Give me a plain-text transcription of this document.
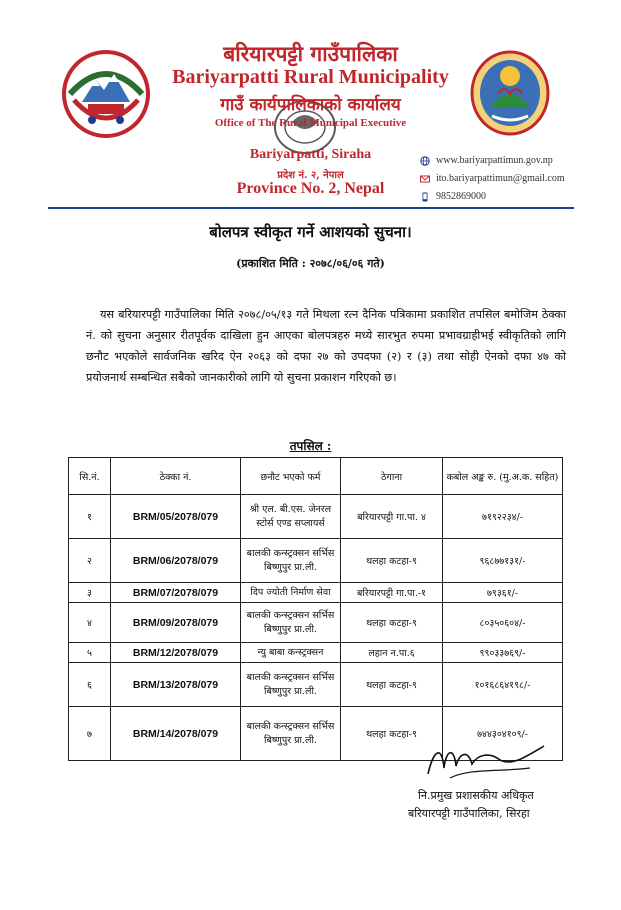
बरियारपट्टी गाउँपालिका
Bariyarpatti Rural Municipality
गाउँ कार्यपालिकाको कार्यालय
Office of The Rural Municipal Executive
Bariyarpatti, Siraha
प्रदेश नं. २, नेपाल
Province No. 2, Nepal
www.bariyarpattimun.gov.np
ito.bariyarpattimun@gmail.com
9852869000
बोलपत्र स्वीकृत गर्ने आशयको सुचना।
(प्रकाशित मिति : २०७८/०६/०६ गते)
यस बरियारपट्टी गाउँपालिका मिति २०७८/०५/१३ गते मिथला रत्न दैनिक पत्रिकामा प्रकाशित तपसिल बमोजिम ठेक्का नं. को सुचना अनुसार रीतपूर्वक दाखिला हुन आएका बोलपत्रहरु मध्ये सारभुत रुपमा प्रभावग्राहीभई स्वीकृतिको लागि छनौट भएकोले सार्वजनिक खरिद ऐन २०६३ को दफा २७ को उपदफा (२) र (३) तथा सोही ऐनको दफा ४७ को प्रयोजनार्थ सम्बन्धित सबैको जानकारीको लागि यो सुचना प्रकाशन गरिएको छ।
तपसिल :
सि.नं.	ठेक्का नं.	छनौट भएको फर्म	ठेगाना	कबोल अङ्क रु. (मु.अ.क. सहित)
१	BRM/05/2078/079	श्री एल. बी.एस. जेनरल स्टोर्स एण्ड सप्लायर्स	बरियारपट्टी गा.पा. ४	७१९२२३४/-
२	BRM/06/2078/079	बालकी कन्स्ट्रक्सन सर्भिस बिष्णुपुर प्रा.ली.	थलहा कटहा-९	९६८७७१३१/-
३	BRM/07/2078/079	दिप ज्योती निर्माण सेवा	बरियारपट्टी गा.पा.-१	७९३६१/-
४	BRM/09/2078/079	बालकी कन्स्ट्रक्सन सर्भिस बिष्णुपुर प्रा.ली.	थलहा कटहा-९	८०३५०६०४/-
५	BRM/12/2078/079	न्यु बाबा कन्स्ट्रक्सन	लहान न.पा.६	९९०३३७६९/-
६	BRM/13/2078/079	बालकी कन्स्ट्रक्सन सर्भिस बिष्णुपुर प्रा.ली.	थलहा कटहा-९	१०१६८६४१९८/-
७	BRM/14/2078/079	बालकी कन्स्ट्रक्सन सर्भिस बिष्णुपुर प्रा.ली.	थलहा कटहा-९	७४४३०४१०९/-
नि.प्रमुख प्रशासकीय अधिकृत
बरियारपट्टी गाउँपालिका, सिरहा
